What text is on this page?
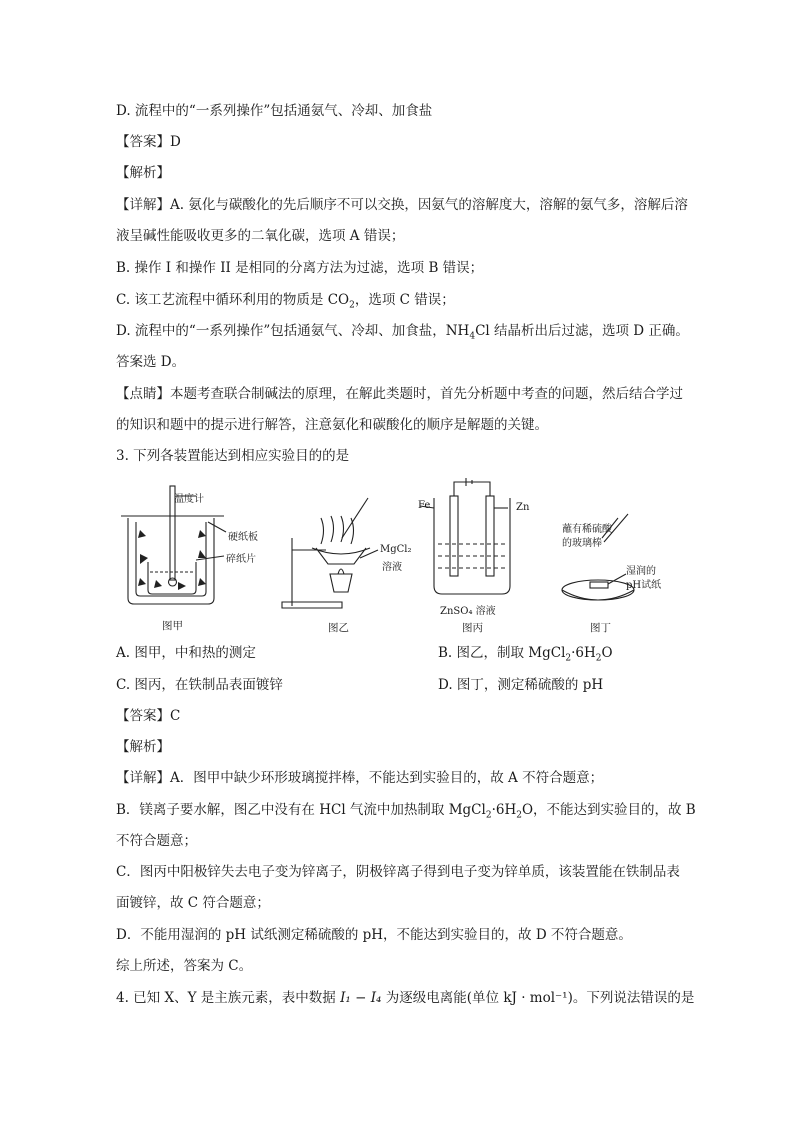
D. 流程中的“一系列操作”包括通氨气、冷却、加食盐
【答案】D
【解析】
【详解】A. 氨化与碳酸化的先后顺序不可以交换，因氨气的溶解度大，溶解的氨气多，溶解后溶
液呈碱性能吸收更多的二氧化碳，选项 A 错误；
B. 操作 I 和操作 II 是相同的分离方法为过滤，选项 B 错误；
C. 该工艺流程中循环利用的物质是 $CO_2$，选项 C 错误；
D. 流程中的“一系列操作”包括通氨气、冷却、加食盐，$NH_4Cl$ 结晶析出后过滤，选项 D 正确。
答案选 D。
【点睛】本题考查联合制碱法的原理，在解此类题时，首先分析题中考查的问题，然后结合学过
的知识和题中的提示进行解答，注意氨化和碳酸化的顺序是解题的关键。
3. 下列各装置能达到相应实验目的的是
温度计
硬纸板
碎纸片
图甲
MgCl₂
溶液
图乙
Fe	Zn
ZnSO₄ 溶液
图丙
蘸有稀硫酸
的玻璃棒
湿润的
pH试纸
图丁
A. 图甲，中和热的测定	B. 图乙，制取 $MgCl_2\cdot 6H_2O$
C. 图丙，在铁制品表面镀锌	D. 图丁，测定稀硫酸的 pH
【答案】C
【解析】
【详解】A．图甲中缺少环形玻璃搅拌棒，不能达到实验目的，故 A 不符合题意；
B．镁离子要水解，图乙中没有在 HCl 气流中加热制取 $MgCl_2\cdot 6H_2O$，不能达到实验目的，故 B
不符合题意；
C．图丙中阳极锌失去电子变为锌离子，阴极锌离子得到电子变为锌单质，该装置能在铁制品表
面镀锌，故 C 符合题意；
D．不能用湿润的 pH 试纸测定稀硫酸的 pH，不能达到实验目的，故 D 不符合题意。
综上所述，答案为 C。
4. 已知 X、Y 是主族元素，表中数据 I₁ − I₄ 为逐级电离能(单位 kJ · mol⁻¹)。下列说法错误的是
